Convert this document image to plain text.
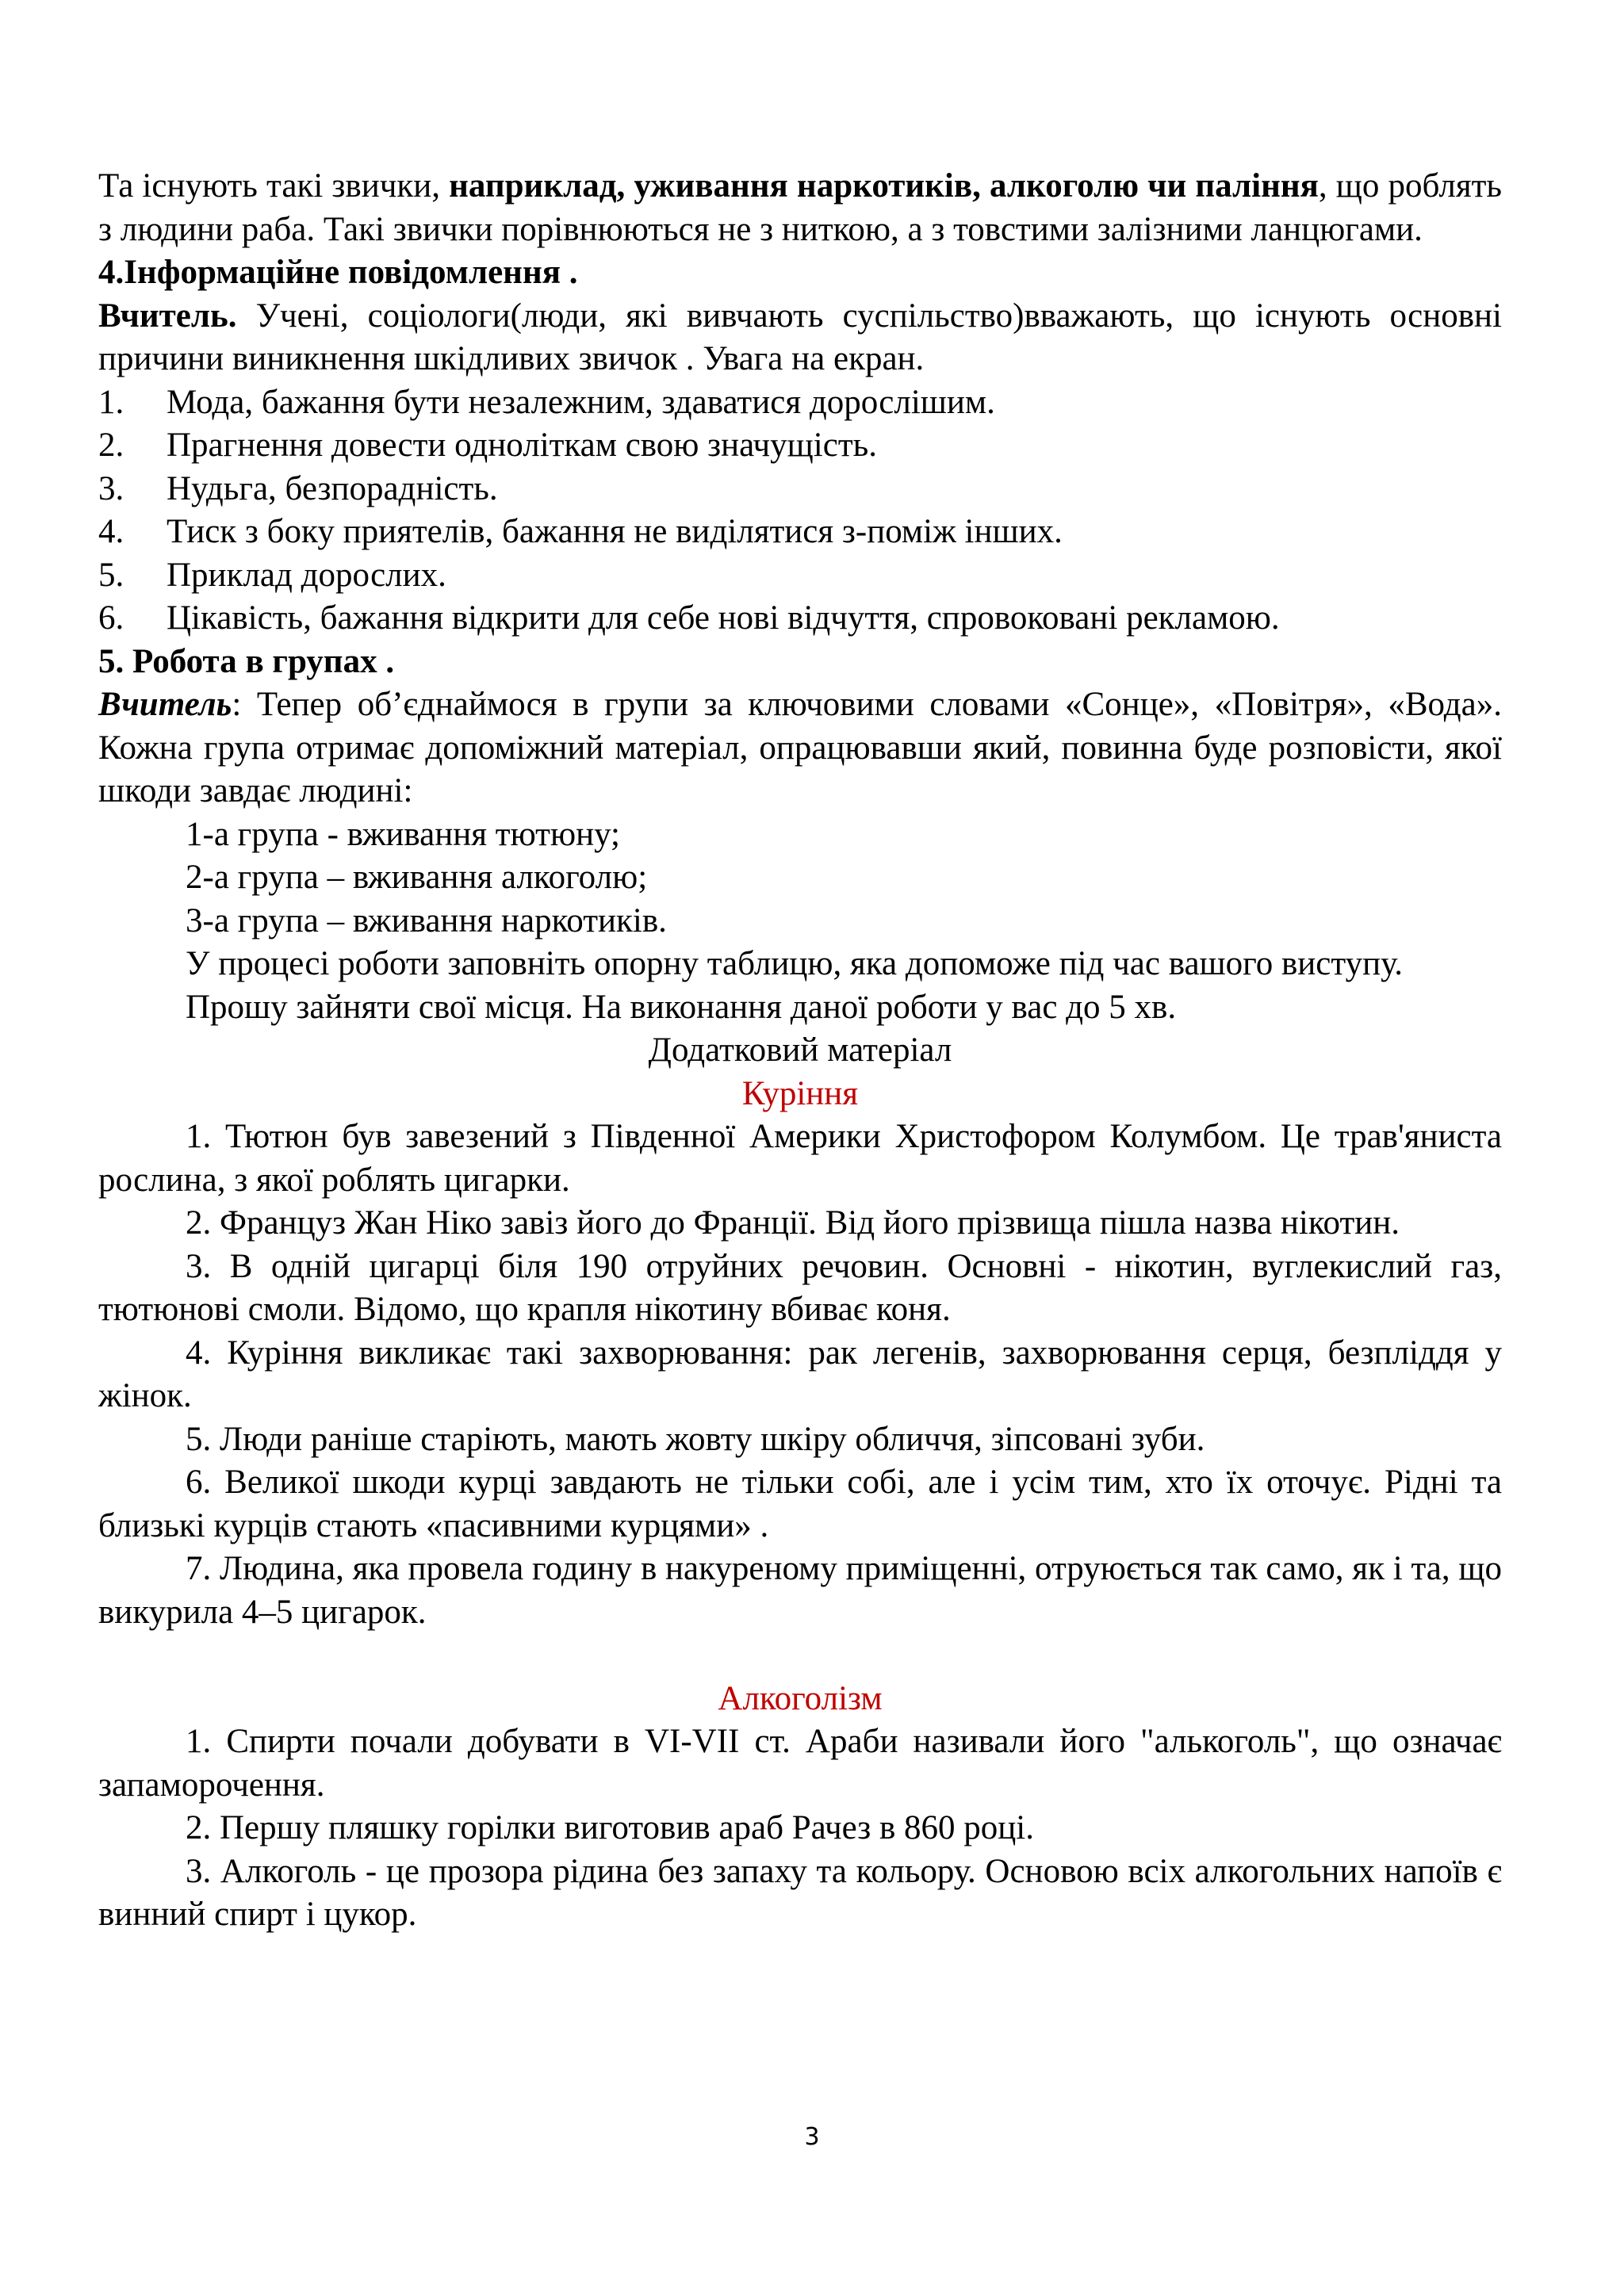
Та існують такі звички, наприклад, уживання наркотиків, алкоголю чи паління, що роблять з людини раба. Такі звички порівнюються не з ниткою, а з товстими залізними ланцюгами.

4.Інформаційне повідомлення .

Вчитель. Учені, соціологи(люди, які вивчають суспільство)вважають, що існують основні причини виникнення шкідливих звичок . Увага на екран.

1.	Мода, бажання бути незалежним, здаватися дорослішим.
2.	Прагнення довести одноліткам свою значущість.
3.	Нудьга, безпорадність.
4.	Тиск з боку приятелів, бажання не виділятися з-поміж інших.
5.	Приклад дорослих.
6.	Цікавість, бажання відкрити для себе нові відчуття, спровоковані рекламою.

5. Робота в групах .

Вчитель: Тепер об’єднаймося в групи за ключовими словами «Сонце», «Повітря», «Вода». Кожна група отримає допоміжний матеріал, опрацювавши який, повинна буде розповісти, якої шкоди завдає людині:

1-а група - вживання тютюну;

2-а група – вживання алкоголю;

3-а група – вживання наркотиків.

У процесі роботи заповніть опорну таблицю, яка допоможе під час вашого виступу.

Прошу зайняти свої місця. На виконання даної роботи у вас до 5 хв.

Додатковий матеріал

Куріння

1. Тютюн був завезений з Південної Америки Христофором Колумбом. Це трав'яниста рослина, з якої роблять цигарки.

2. Француз Жан Ніко завіз його до Франції. Від його прізвища пішла назва нікотин.

3. В одній цигарці біля 190 отруйних речовин. Основні - нікотин, вуглекислий газ, тютюнові смоли. Відомо, що крапля нікотину вбиває коня.

4. Куріння викликає такі захворювання: рак легенів, захворювання серця, безпліддя у жінок.

5. Люди раніше старіють, мають жовту шкіру обличчя, зіпсовані зуби.

6. Великої шкоди курці завдають не тільки собі, але і усім тим, хто їх оточує. Рідні та близькі курців стають «пасивними курцями» .

7. Людина, яка провела годину в накуреному приміщенні, отруюється так само, як і та, що викурила 4–5 цигарок.

Алкоголізм

1. Спирти почали добувати в VI-VII ст. Араби називали його "алькоголь", що означає запаморочення.

2. Першу пляшку горілки виготовив араб Рачез в 860 році.

3. Алкоголь - це прозора рідина без запаху та кольору. Основою всіх алкогольних напоїв є винний спирт і цукор.

3
